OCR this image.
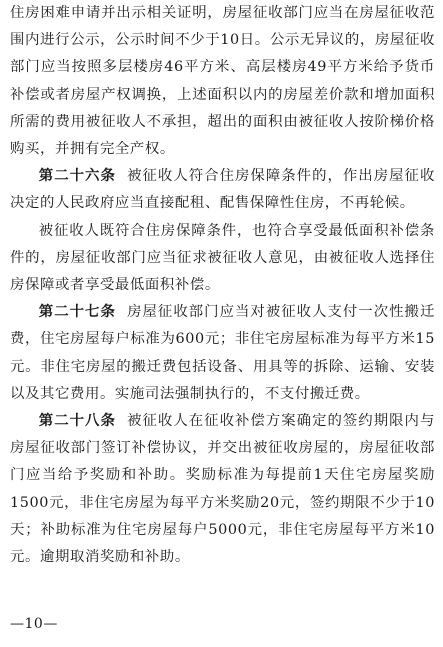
住房困难申请并出示相关证明，房屋征收部门应当在房屋征收范围内进行公示，公示时间不少于10日。公示无异议的，房屋征收部门应当按照多层楼房46平方米、高层楼房49平方米给予货币补偿或者房屋产权调换，上述面积以内的房屋差价款和增加面积所需的费用被征收人不承担，超出的面积由被征收人按阶梯价格购买，并拥有完全产权。

第二十六条 被征收人符合住房保障条件的，作出房屋征收决定的人民政府应当直接配租、配售保障性住房，不再轮候。

被征收人既符合住房保障条件，也符合享受最低面积补偿条件的，房屋征收部门应当征求被征收人意见，由被征收人选择住房保障或者享受最低面积补偿。

第二十七条 房屋征收部门应当对被征收人支付一次性搬迁费，住宅房屋每户标准为600元；非住宅房屋标准为每平方米15元。非住宅房屋的搬迁费包括设备、用具等的拆除、运输、安装以及其它费用。实施司法强制执行的，不支付搬迁费。

第二十八条 被征收人在征收补偿方案确定的签约期限内与房屋征收部门签订补偿协议，并交出被征收房屋的，房屋征收部门应当给予奖励和补助。奖励标准为每提前1天住宅房屋奖励1500元，非住宅房屋为每平方米奖励20元，签约期限不少于10天；补助标准为住宅房屋每户5000元，非住宅房屋每平方米10元。逾期取消奖励和补助。

—10—
